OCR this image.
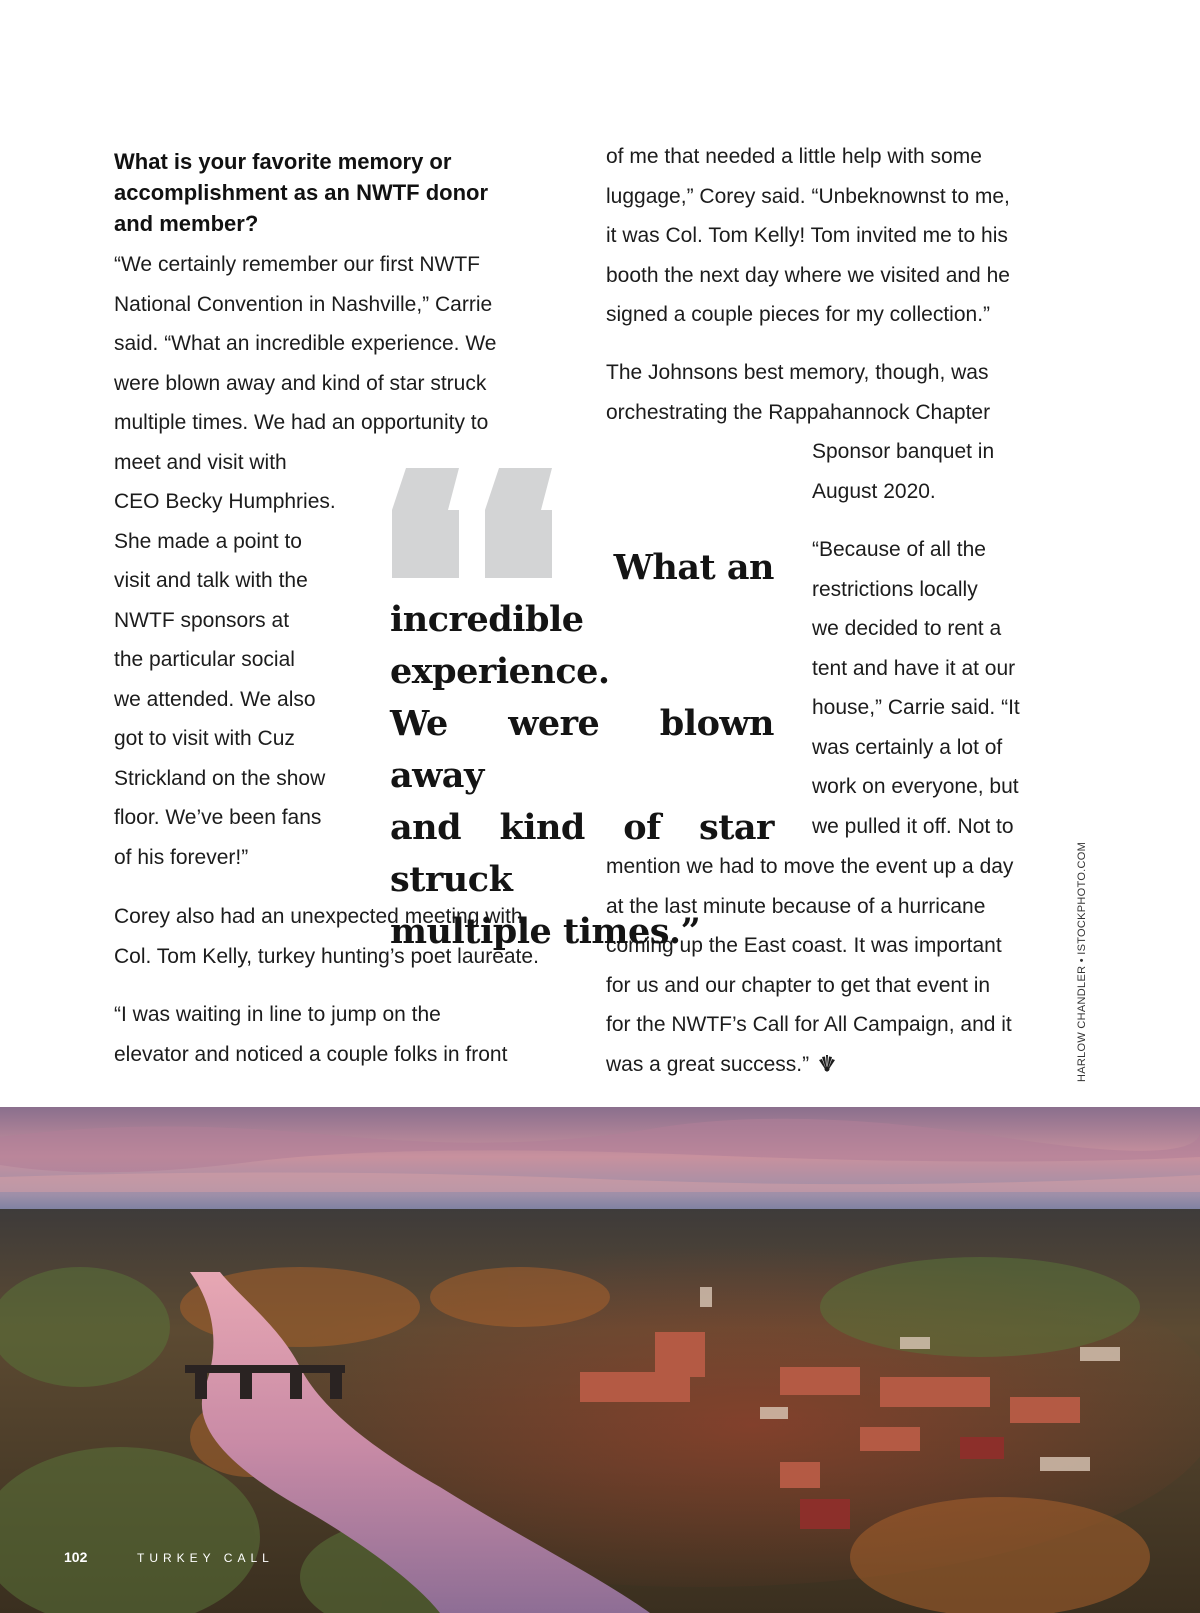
What is your favorite memory or
accomplishment as an NWTF donor
and member?

“We certainly remember our first NWTF
National Convention in Nashville,” Carrie
said. “What an incredible experience. We
were blown away and kind of star struck
multiple times. We had an opportunity to
meet and visit with
CEO Becky Humphries.
She made a point to
visit and talk with the
NWTF sponsors at
the particular social
we attended. We also
got to visit with Cuz
Strickland on the show
floor. We’ve been fans
of his forever!”

Corey also had an unexpected meeting with
Col. Tom Kelly, turkey hunting’s poet laureate.

“I was waiting in line to jump on the
elevator and noticed a couple folks in front

of me that needed a little help with some
luggage,” Corey said. “Unbeknownst to me,
it was Col. Tom Kelly! Tom invited me to his
booth the next day where we visited and he
signed a couple pieces for my collection.”

The Johnsons best memory, though, was
orchestrating the Rappahannock Chapter

Sponsor banquet in
August 2020.

“Because of all the
restrictions locally
we decided to rent a
tent and have it at our
house,” Carrie said. “It
was certainly a lot of
work on everyone, but
we pulled it off. Not to

mention we had to move the event up a day
at the last minute because of a hurricane
coming up the East coast. It was important
for us and our chapter to get that event in
for the NWTF’s Call for All Campaign, and it
was a great success.”

What an
incredible experience.
We were blown away
and kind of star struck
multiple times.”	HARLOW CHANDLER • ISTOCKPHOTO.COM
102	TURKEY CALL
